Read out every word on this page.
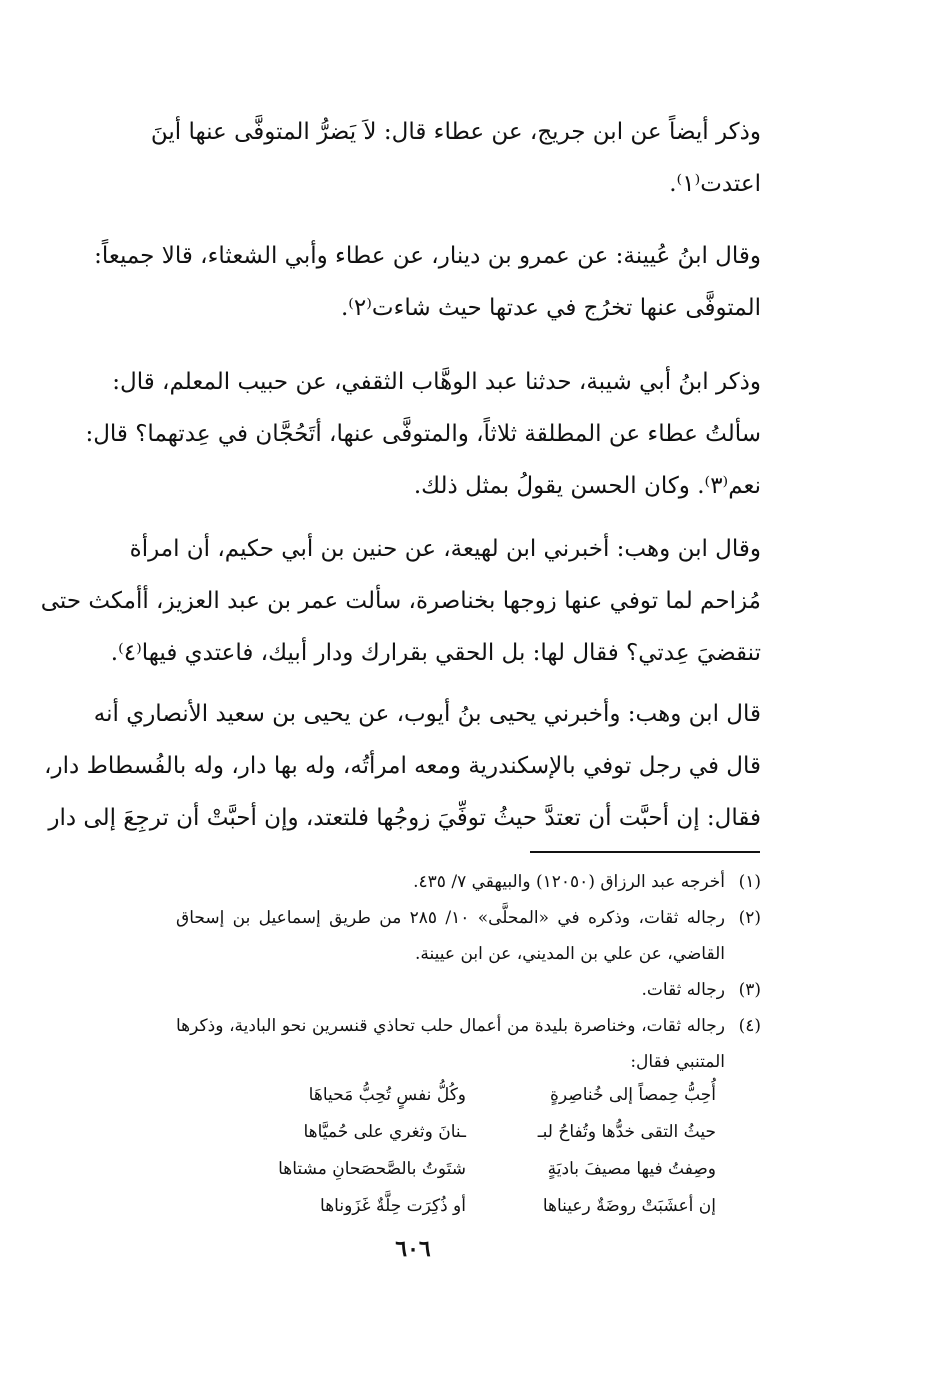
وذكر أيضاً عن ابن جريج، عن عطاء قال: لاَ يَضرُّ المتوفَّى عنها أينَ
اعتدت⁽١⁾.
وقال ابنُ عُيينة: عن عمرو بن دينار، عن عطاء وأبي الشعثاء، قالا جميعاً:
المتوفَّى عنها تخرُج في عدتها حيث شاءت⁽٢⁾.
وذكر ابنُ أبي شيبة، حدثنا عبد الوهَّاب الثقفي، عن حبيب المعلم، قال:
سألتُ عطاء عن المطلقة ثلاثاً، والمتوفَّى عنها، أتَحُجَّان في عِدتهما؟ قال:
نعم⁽٣⁾. وكان الحسن يقولُ بمثل ذلك.
وقال ابن وهب: أخبرني ابن لهيعة، عن حنين بن أبي حكيم، أن امرأة
مُزاحم لما توفي عنها زوجها بخناصرة، سألت عمر بن عبد العزيز، أأمكث حتى
تنقضيَ عِدتي؟ فقال لها: بل الحقي بقرارك ودار أبيك، فاعتدي فيها⁽٤⁾.
قال ابن وهب: وأخبرني يحيى بنُ أيوب، عن يحيى بن سعيد الأنصاري أنه
قال في رجل توفي بالإسكندرية ومعه امرأتُه، وله بها دار، وله بالفُسطاط دار،
فقال: إن أحبَّت أن تعتدَّ حيثُ توفِّيَ زوجُها فلتعتد، وإن أحبَّتْ أن ترجِعَ إلى دار
(١)
أخرجه عبد الرزاق (١٢٠٥٠) والبيهقي ٧/ ٤٣٥.
(٢)
رجاله ثقات، وذكره في «المحلَّى» ١٠/ ٢٨٥ من طريق إسماعيل بن إسحاق
القاضي، عن علي بن المديني، عن ابن عيينة.
(٣)
رجاله ثقات.
(٤)
رجاله ثقات، وخناصرة بليدة من أعمال حلب تحاذي قنسرين نحو البادية، وذكرها
المتنبي فقال:
أُحِبُّ حِمصاً إلى خُناصِرةٍ
وكُلُّ نفسٍ تُحِبُّ مَحياهَا
حيثُ التقى خدُّها وتُفاحُ لبـ
ـنانَ وثغري على حُميَّاها
وصِفتُ فيها مصيفَ باديَةٍ
شتَوتُ بالصَّحصَحانِ مشتاها
إن أعشَبَتْ روضَةٌ رعيناها
أو ذُكِرَت حِلَّةٌ غَزَوناها
٦٠٦
